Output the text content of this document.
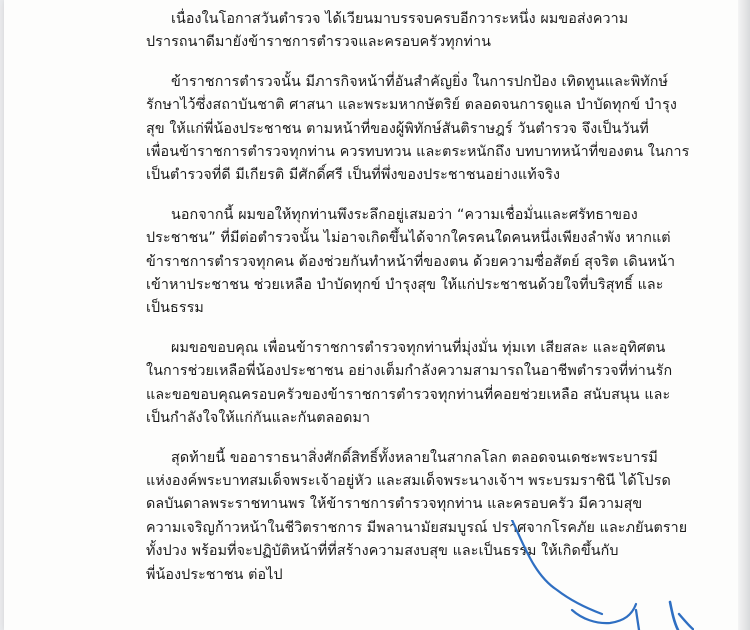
เนื่องในโอกาสวันตำรวจ ได้เวียนมาบรรจบครบอีกวาระหนึ่ง ผมขอส่งความ
ปรารถนาดีมายังข้าราชการตำรวจและครอบครัวทุกท่าน

ข้าราชการตำรวจนั้น มีภารกิจหน้าที่อันสำคัญยิ่ง ในการปกป้อง เทิดทูนและพิทักษ์
รักษาไว้ซึ่งสถาบันชาติ ศาสนา และพระมหากษัตริย์ ตลอดจนการดูแล บำบัดทุกข์ บำรุง
สุข ให้แก่พี่น้องประชาชน ตามหน้าที่ของผู้พิทักษ์สันติราษฎร์ วันตำรวจ จึงเป็นวันที่
เพื่อนข้าราชการตำรวจทุกท่าน ควรทบทวน และตระหนักถึง บทบาทหน้าที่ของตน ในการ
เป็นตำรวจที่ดี มีเกียรติ มีศักดิ์ศรี เป็นที่พึ่งของประชาชนอย่างแท้จริง

นอกจากนี้ ผมขอให้ทุกท่านพึงระลึกอยู่เสมอว่า “ความเชื่อมั่นและศรัทธาของ
ประชาชน” ที่มีต่อตำรวจนั้น ไม่อาจเกิดขึ้นได้จากใครคนใดคนหนึ่งเพียงลำพัง หากแต่
ข้าราชการตำรวจทุกคน ต้องช่วยกันทำหน้าที่ของตน ด้วยความซื่อสัตย์ สุจริต เดินหน้า
เข้าหาประชาชน ช่วยเหลือ บำบัดทุกข์ บำรุงสุข ให้แก่ประชาชนด้วยใจที่บริสุทธิ์ และ
เป็นธรรม

ผมขอขอบคุณ เพื่อนข้าราชการตำรวจทุกท่านที่มุ่งมั่น ทุ่มเท เสียสละ และอุทิศตน
ในการช่วยเหลือพี่น้องประชาชน อย่างเต็มกำลังความสามารถในอาชีพตำรวจที่ท่านรัก
และขอขอบคุณครอบครัวของข้าราชการตำรวจทุกท่านที่คอยช่วยเหลือ สนับสนุน และ
เป็นกำลังใจให้แก่กันและกันตลอดมา

สุดท้ายนี้ ขออาราธนาสิ่งศักดิ์สิทธิ์ทั้งหลายในสากลโลก ตลอดจนเดชะพระบารมี
แห่งองค์พระบาทสมเด็จพระเจ้าอยู่หัว และสมเด็จพระนางเจ้าฯ พระบรมราชินี ได้โปรด
ดลบันดาลพระราชทานพร ให้ข้าราชการตำรวจทุกท่าน และครอบครัว มีความสุข
ความเจริญก้าวหน้าในชีวิตราชการ มีพลานามัยสมบูรณ์ ปราศจากโรคภัย และภยันตราย
ทั้งปวง พร้อมที่จะปฏิบัติหน้าที่ที่สร้างความสงบสุข และเป็นธรรม ให้เกิดขึ้นกับ
พี่น้องประชาชน ต่อไป
